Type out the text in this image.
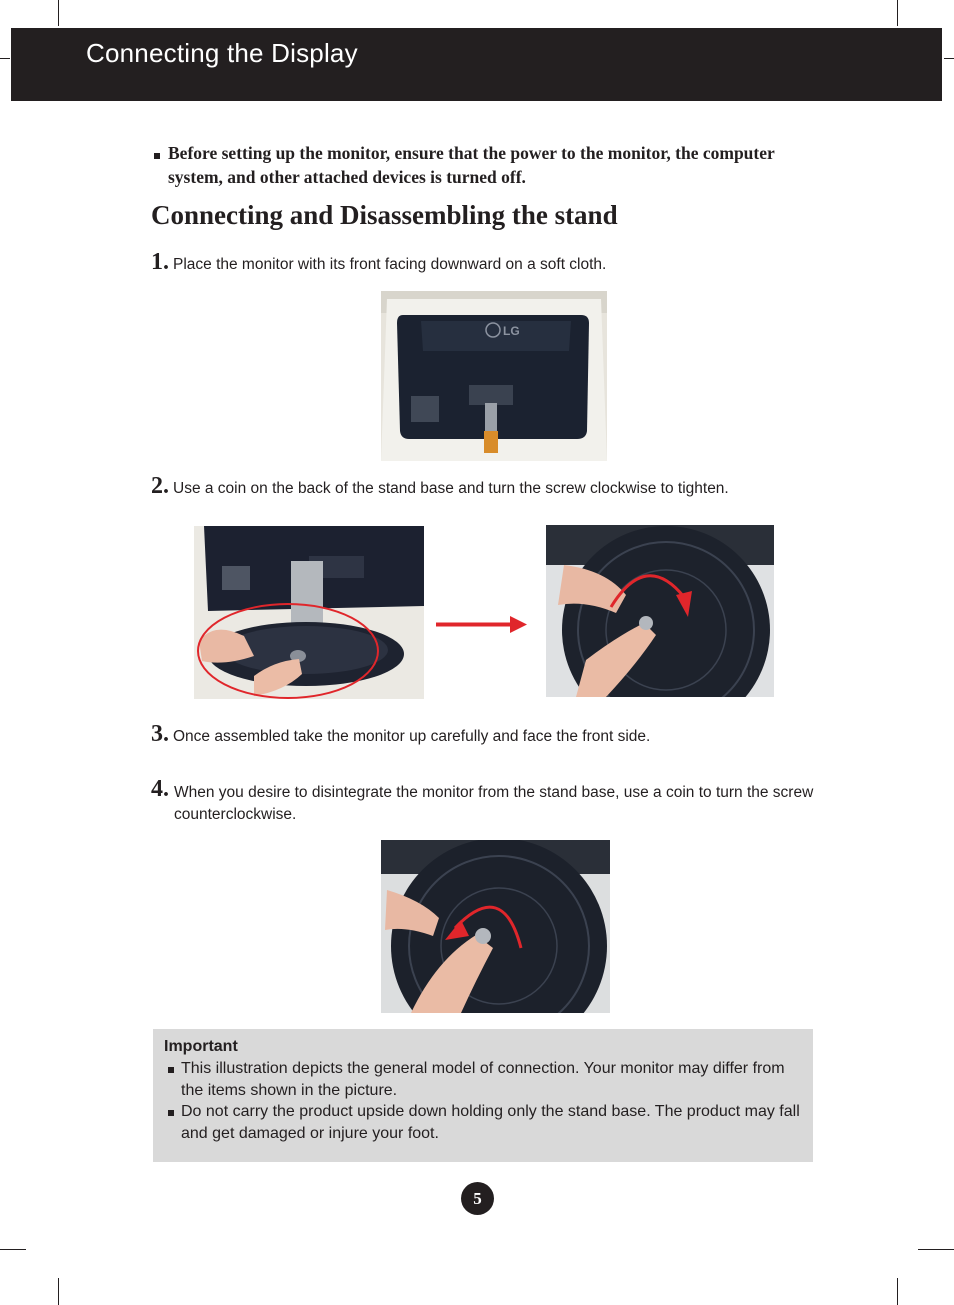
Connecting the Display
Before setting up the monitor, ensure that the power to the monitor, the computer system, and other attached devices is turned off.
Connecting and Disassembling the stand
1. Place the monitor with its front facing downward on a soft cloth.
LG
2. Use a coin on the back of the stand base and turn the screw clockwise to tighten.
3. Once assembled take the monitor up carefully and face the front side.
4. When you desire to disintegrate the monitor from the stand base, use a coin to turn the screw counterclockwise.
Important
This illustration depicts the general model of connection. Your monitor may differ from the items shown in the picture.
Do not carry the product upside down holding only the stand base. The product may fall and get damaged or injure your foot.
5
